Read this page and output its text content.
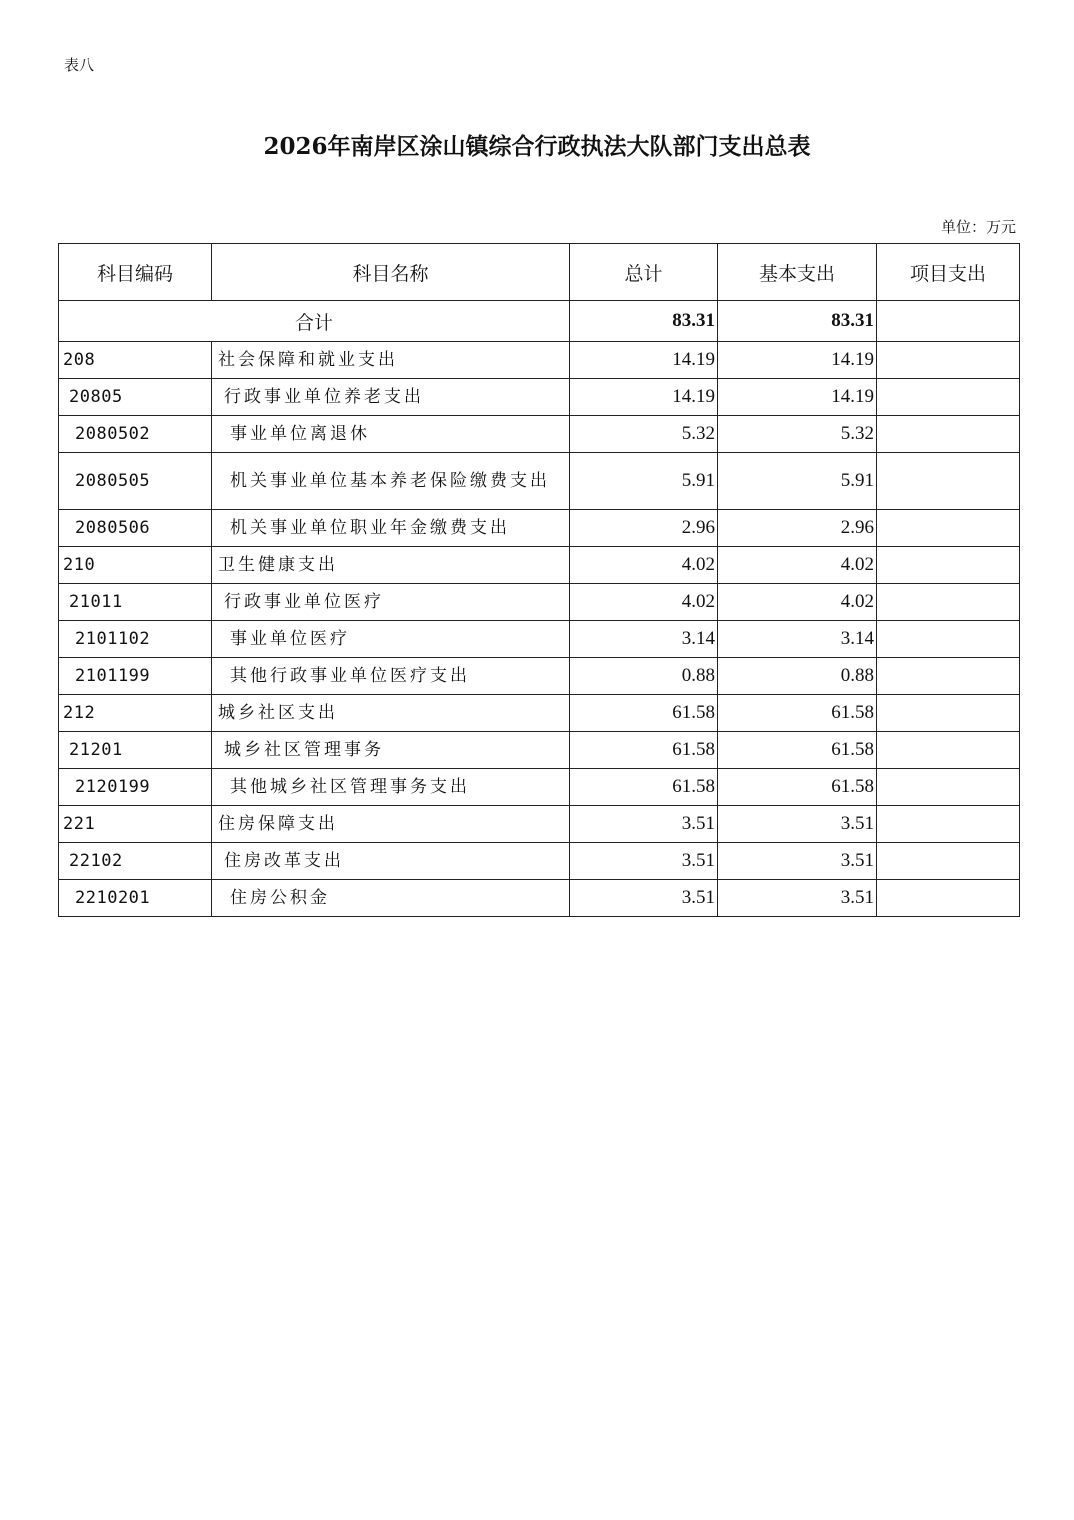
表八
2026年南岸区涂山镇综合行政执法大队部门支出总表
单位：万元
科目编码	科目名称	总计	基本支出	项目支出
合计		83.31	83.31	
208	社会保障和就业支出	14.19	14.19	
20805	行政事业单位养老支出	14.19	14.19	
2080502	事业单位离退休	5.32	5.32	
2080505	机关事业单位基本养老保险缴费支出	5.91	5.91	
2080506	机关事业单位职业年金缴费支出	2.96	2.96	
210	卫生健康支出	4.02	4.02	
21011	行政事业单位医疗	4.02	4.02	
2101102	事业单位医疗	3.14	3.14	
2101199	其他行政事业单位医疗支出	0.88	0.88	
212	城乡社区支出	61.58	61.58	
21201	城乡社区管理事务	61.58	61.58	
2120199	其他城乡社区管理事务支出	61.58	61.58	
221	住房保障支出	3.51	3.51	
22102	住房改革支出	3.51	3.51	
2210201	住房公积金	3.51	3.51	
